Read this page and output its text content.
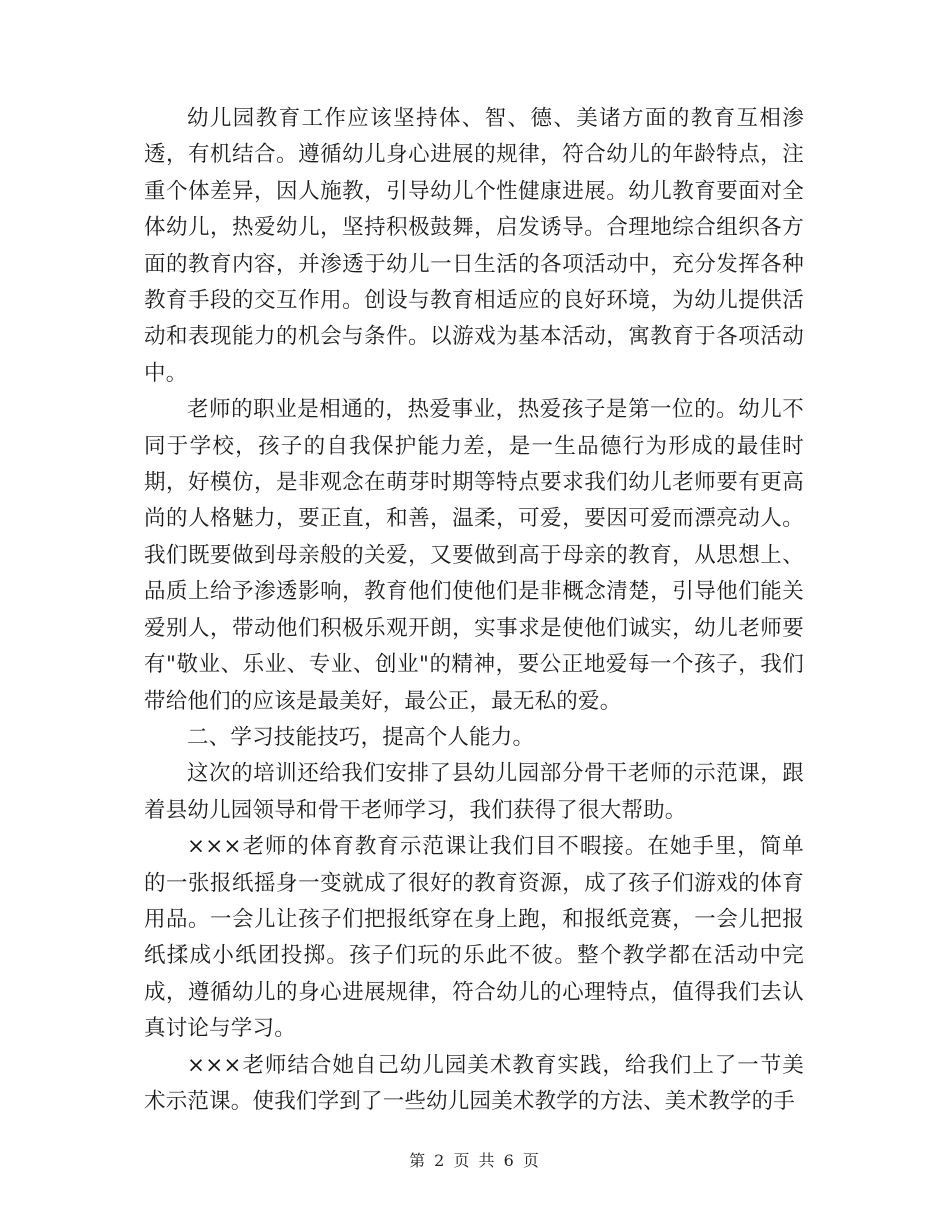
幼儿园教育工作应该坚持体、智、德、美诸方面的教育互相渗透，有机结合。遵循幼儿身心进展的规律，符合幼儿的年龄特点，注重个体差异，因人施教，引导幼儿个性健康进展。幼儿教育要面对全体幼儿，热爱幼儿，坚持积极鼓舞，启发诱导。合理地综合组织各方面的教育内容，并渗透于幼儿一日生活的各项活动中，充分发挥各种教育手段的交互作用。创设与教育相适应的良好环境，为幼儿提供活动和表现能力的机会与条件。以游戏为基本活动，寓教育于各项活动中。

老师的职业是相通的，热爱事业，热爱孩子是第一位的。幼儿不同于学校，孩子的自我保护能力差，是一生品德行为形成的最佳时期，好模仿，是非观念在萌芽时期等特点要求我们幼儿老师要有更高尚的人格魅力，要正直，和善，温柔，可爱，要因可爱而漂亮动人。我们既要做到母亲般的关爱，又要做到高于母亲的教育，从思想上、品质上给予渗透影响，教育他们使他们是非概念清楚，引导他们能关爱别人，带动他们积极乐观开朗，实事求是使他们诚实，幼儿老师要有"敬业、乐业、专业、创业"的精神，要公正地爱每一个孩子，我们带给他们的应该是最美好，最公正，最无私的爱。

二、学习技能技巧，提高个人能力。

这次的培训还给我们安排了县幼儿园部分骨干老师的示范课，跟着县幼儿园领导和骨干老师学习，我们获得了很大帮助。

×××老师的体育教育示范课让我们目不暇接。在她手里，简单的一张报纸摇身一变就成了很好的教育资源，成了孩子们游戏的体育用品。一会儿让孩子们把报纸穿在身上跑，和报纸竞赛，一会儿把报纸揉成小纸团投掷。孩子们玩的乐此不彼。整个教学都在活动中完成，遵循幼儿的身心进展规律，符合幼儿的心理特点，值得我们去认真讨论与学习。

×××老师结合她自己幼儿园美术教育实践，给我们上了一节美术示范课。使我们学到了一些幼儿园美术教学的方法、美术教学的手

第 2 页 共 6 页
